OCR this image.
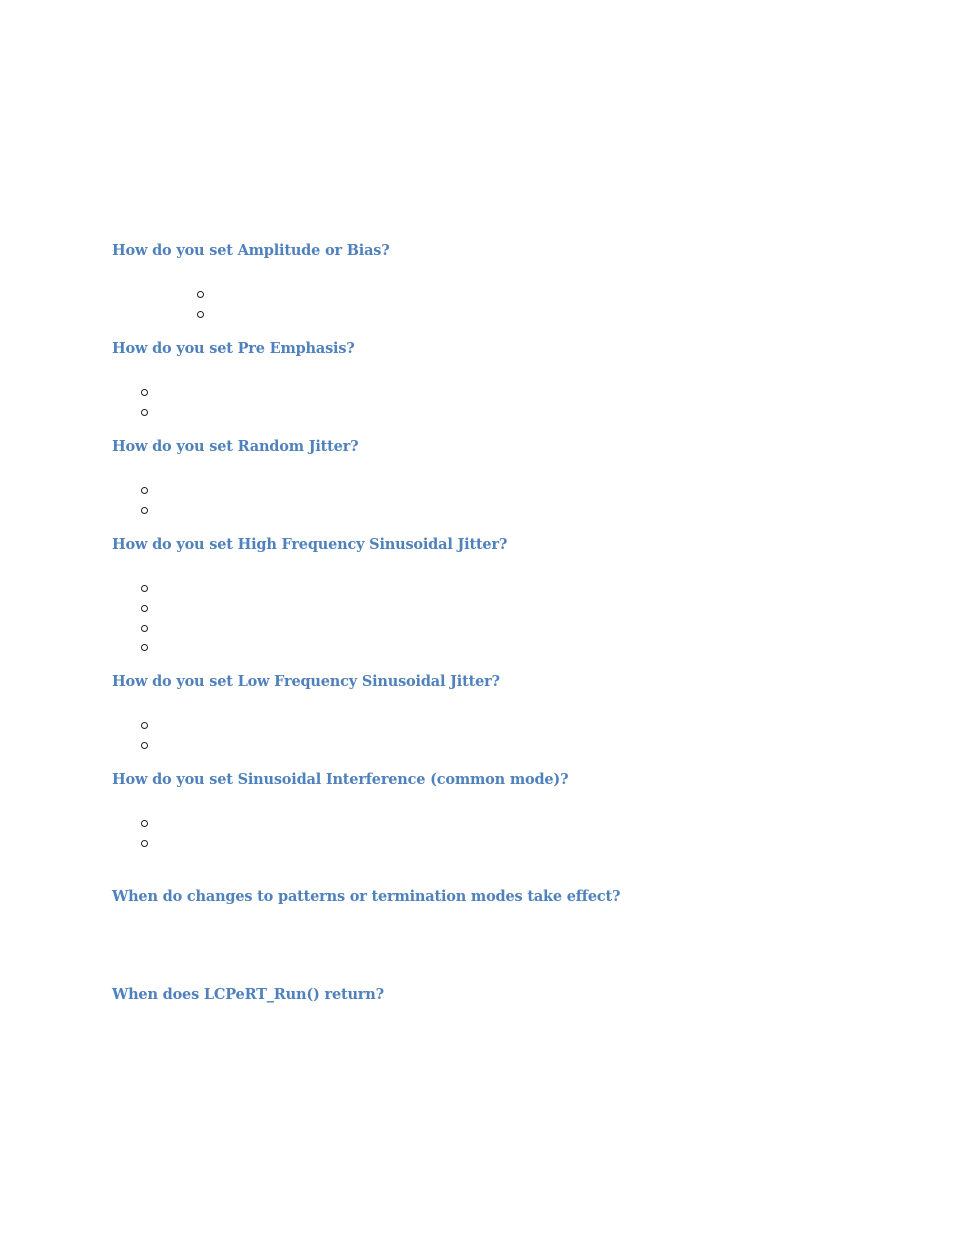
How do you set Amplitude or Bias?
How do you set Pre Emphasis?
How do you set Random Jitter?
How do you set High Frequency Sinusoidal Jitter?
How do you set Low Frequency Sinusoidal Jitter?
How do you set Sinusoidal Interference (common mode)?
When do changes to patterns or termination modes take effect?
When does LCPeRT_Run() return?
